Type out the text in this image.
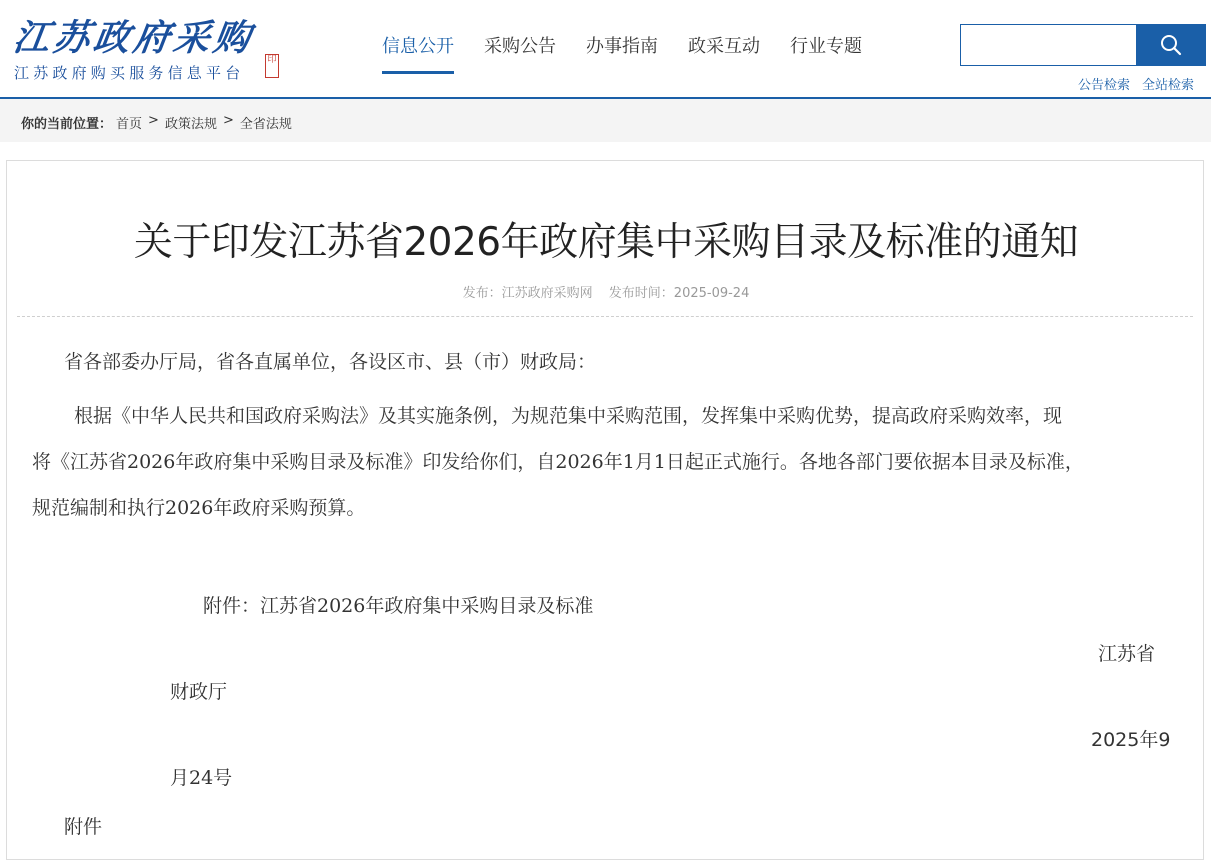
江苏政府采购
江苏政府购买服务信息平台
印
信息公开 采购公告 办事指南 政采互动 行业专题
公告检索 全站检索
你的当前位置： 首页 > 政策法规 > 全省法规
关于印发江苏省2026年政府集中采购目录及标准的通知
发布：江苏政府采购网 发布时间：2025-09-24
省各部委办厅局，省各直属单位，各设区市、县（市）财政局：
根据《中华人民共和国政府采购法》及其实施条例，为规范集中采购范围，发挥集中采购优势，提高政府采购效率，现
将《江苏省2026年政府集中采购目录及标准》印发给你们，自2026年1月1日起正式施行。各地各部门要依据本目录及标准，
规范编制和执行2026年政府采购预算。
附件：江苏省2026年政府集中采购目录及标准
江苏省
财政厅
2025年9
月24号
附件
